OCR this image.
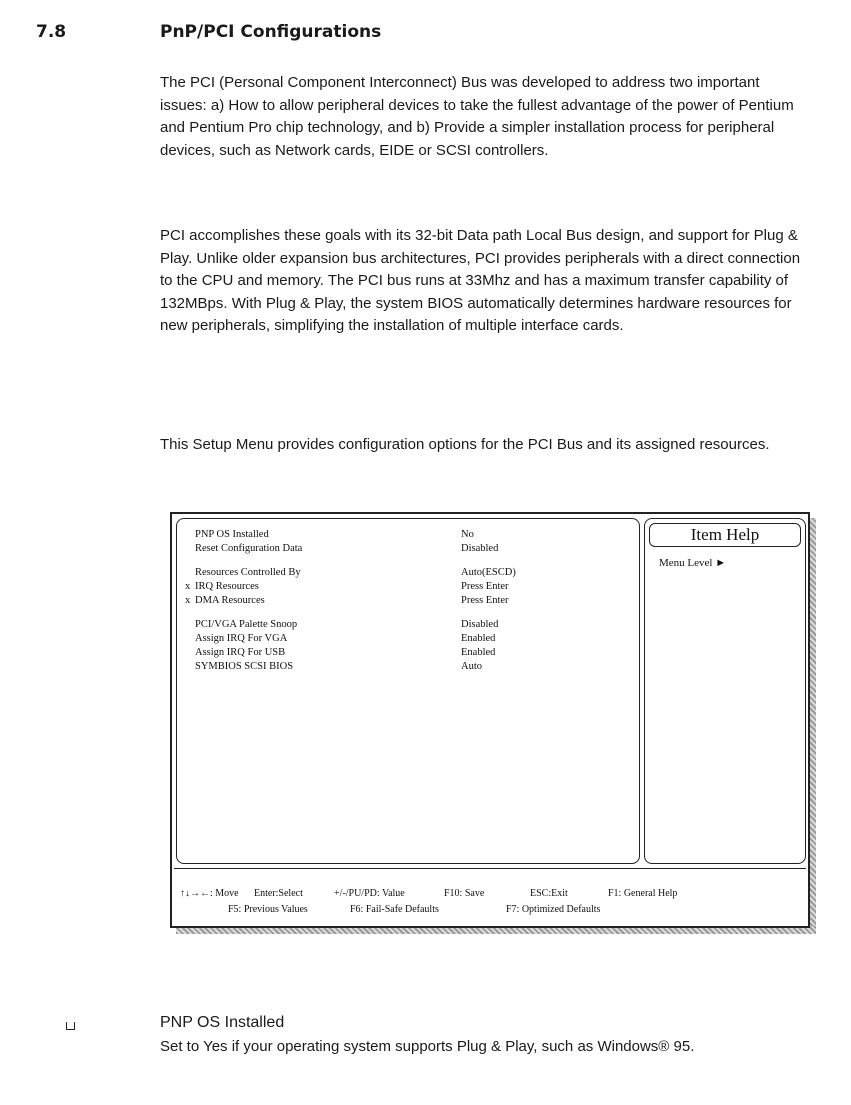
7.8	PnP/PCI Configurations

The PCI (Personal Component Interconnect) Bus was developed to address two important issues: a) How to allow peripheral devices to take the fullest advantage of the power of Pentium and Pentium Pro chip technology, and b) Provide a simpler installation process for peripheral devices, such as Network cards, EIDE or SCSI controllers.

PCI accomplishes these goals with its 32-bit Data path Local Bus design, and support for Plug & Play. Unlike older expansion bus architectures, PCI provides peripherals with a direct connection to the CPU and memory. The PCI bus runs at 33Mhz and has a maximum transfer capability of 132MBps. With Plug & Play, the system BIOS automatically determines hardware resources for new peripherals, simplifying the installation of multiple interface cards.

This Setup Menu provides configuration options for the PCI Bus and its assigned resources.

PNP OS Installed	No
Reset Configuration Data	Disabled
Resources Controlled By	Auto(ESCD)
x IRQ Resources	Press Enter
x DMA Resources	Press Enter
PCI/VGA Palette Snoop	Disabled
Assign IRQ For VGA	Enabled
Assign IRQ For USB	Enabled
SYMBIOS SCSI BIOS	Auto
Item Help
Menu Level ►
↑↓→←: Move Enter:Select	+/-/PU/PD: Value	F10: Save	ESC:Exit	F1: General Help
F5: Previous Values	F6: Fail-Safe Defaults	F7: Optimized Defaults
PNP OS Installed

Set to Yes if your operating system supports Plug & Play, such as Windows® 95.
